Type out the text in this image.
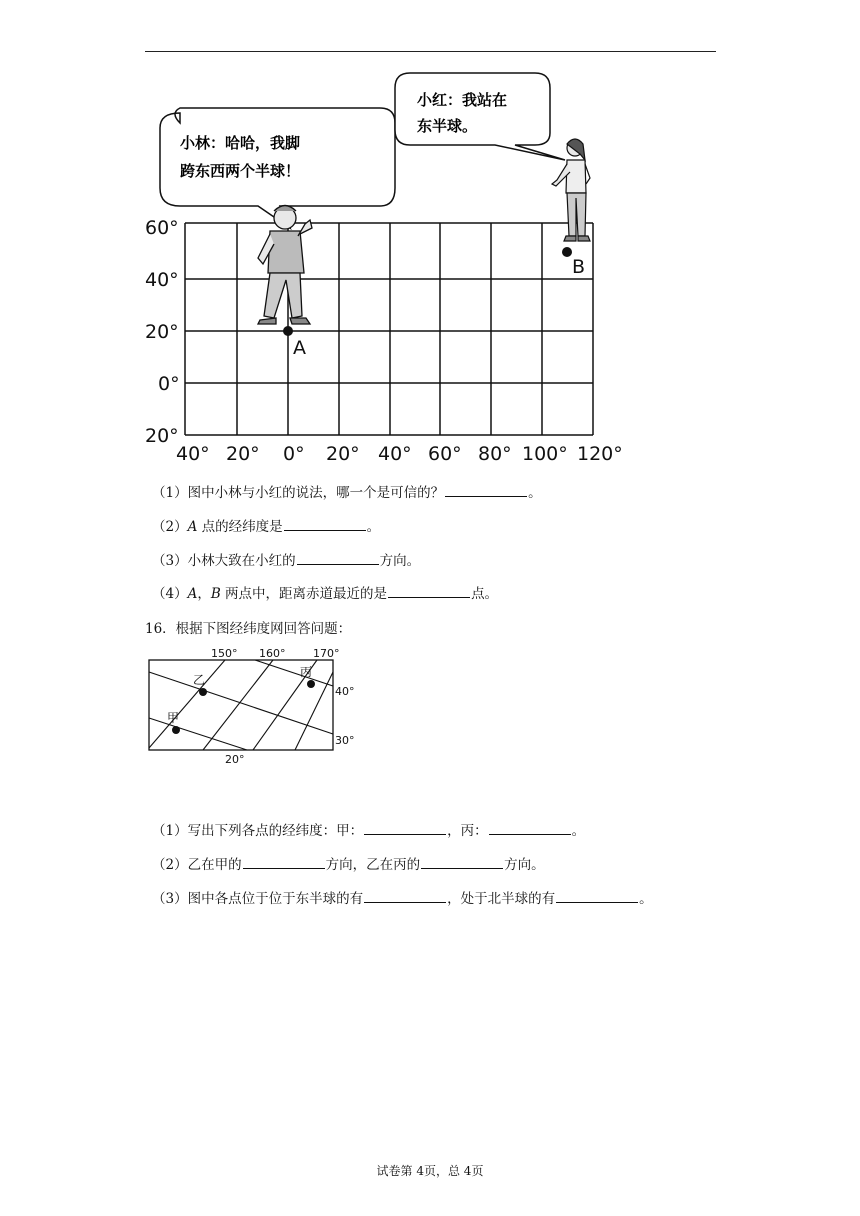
小林：哈哈，我脚
跨东西两个半球！
小红：我站在
东半球。
60°
40°
20°
0°
20°
40° 20° 0° 20° 40° 60° 80° 100° 120°
A
B
（1）图中小林与小红的说法，哪一个是可信的？	。
（2）A 点的经纬度是	。
（3）小林大致在小红的	方向。
（4）A，B 两点中，距离赤道最近的是	点。
16．根据下图经纬度网回答问题：
150° 160°	170°
40°
30°
20°
甲
乙
丙
（1）写出下列各点的经纬度：甲：	，丙：	。
（2）乙在甲的	方向，乙在丙的	方向。
（3）图中各点位于位于东半球的有	，处于北半球的有	。
试卷第 4页，总 4页
